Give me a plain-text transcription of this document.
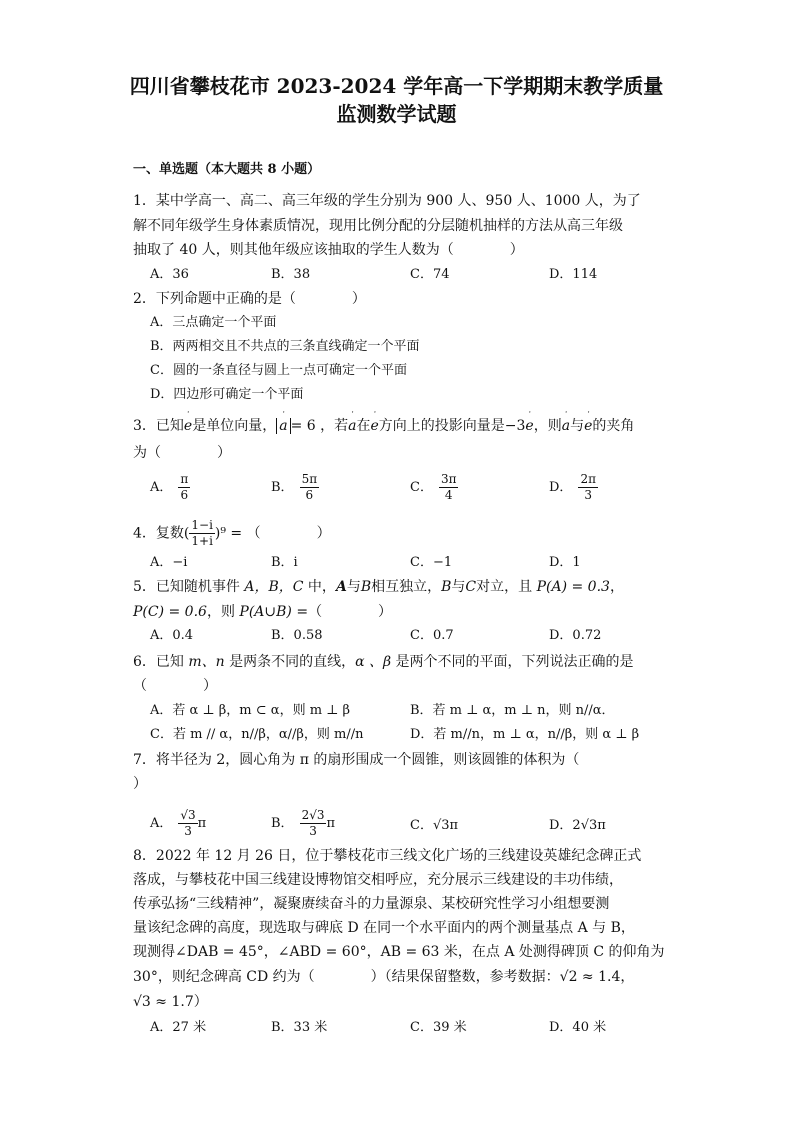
四川省攀枝花市 2023-2024 学年高一下学期期末教学质量
监测数学试题
一、单选题（本大题共 8 小题）
1．某中学高一、高二、高三年级的学生分别为 900 人、950 人、1000 人，为了
解不同年级学生身体素质情况，现用比例分配的分层随机抽样的方法从高三年级
抽取了 40 人，则其他年级应该抽取的学生人数为（　　　　）
A．36	B．38	C．74	D．114
2．下列命题中正确的是（　　　　）
A．三点确定一个平面
B．两两相交且不共点的三条直线确定一个平面
C．圆的一条直径与圆上一点可确定一个平面
D．四边形可确定一个平面
3．已知˙ e是单位向量，˙ a = 6 ，若˙ a在˙ e方向上的投影向量是−3˙ e，则˙ a与˙ e的夹角
为（　　　　）
A． $\frac{\pi}{6}$	B． $\frac{5\pi}{6}$	C． $\frac{3\pi}{4}$	D． $\frac{2\pi}{3}$
4．复数( $\frac{1-i}{1+i} )^9$ = （　　　　）
A．−i	B．i	C．−1	D．1
5．已知随机事件 A，B，C 中，A与B相互独立，B与C对立，且 P(A) = 0.3，
P(C) = 0.6，则 P(A∪B) =（　　　　）
A．0.4	B．0.58	C．0.7	D．0.72
6．已知 m、n 是两条不同的直线，α 、β 是两个不同的平面，下列说法正确的是
（　　　　）
A．若 α ⊥ β，m ⊂ α，则 m ⊥ β	B．若 m ⊥ α，m ⊥ n，则 n//α．
C．若 m // α，n//β，α//β，则 m//n	D．若 m//n，m ⊥ α，n//β，则 α ⊥ β
7．将半径为 2，圆心角为 π 的扇形围成一个圆锥，则该圆锥的体积为（
）
A． $\frac{√3}{3}$ π	B． $\frac{2√3}{3}$ π	C．√3π	D．2√3π
8．2022 年 12 月 26 日，位于攀枝花市三线文化广场的三线建设英雄纪念碑正式
落成，与攀枝花中国三线建设博物馆交相呼应，充分展示三线建设的丰功伟绩，
传承弘扬“三线精神”，凝聚赓续奋斗的力量源泉、某校研究性学习小组想要测
量该纪念碑的高度，现选取与碑底 D 在同一个水平面内的两个测量基点 A 与 B，
现测得∠DAB = 45°，∠ABD = 60°，AB = 63 米，在点 A 处测得碑顶 C 的仰角为
30°，则纪念碑高 CD 约为（　　　　）（结果保留整数，参考数据：√2 ≈ 1.4，
√3 ≈ 1.7）
A．27 米	B．33 米	C．39 米	D．40 米
